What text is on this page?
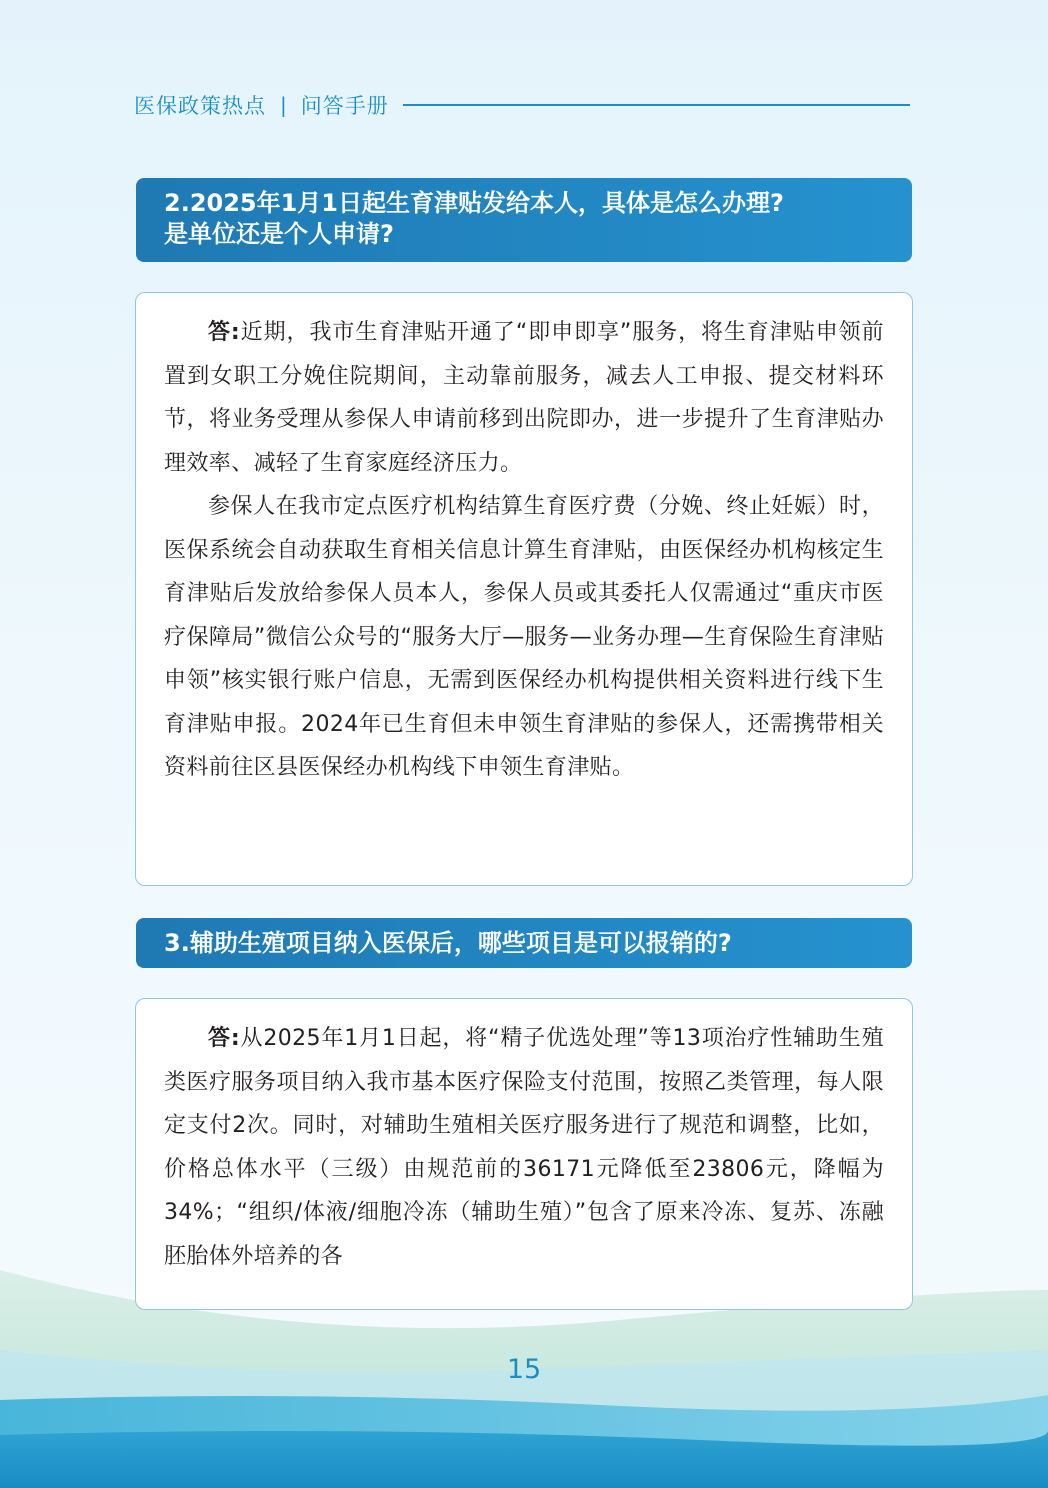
医保政策热点 | 问答手册
2.2025年1月1日起生育津贴发给本人，具体是怎么办理?
是单位还是个人申请?

答:近期，我市生育津贴开通了“即申即享”服务，将生育津贴申领前置到女职工分娩住院期间，主动靠前服务，减去人工申报、提交材料环节，将业务受理从参保人申请前移到出院即办，进一步提升了生育津贴办理效率、减轻了生育家庭经济压力。

参保人在我市定点医疗机构结算生育医疗费（分娩、终止妊娠）时，医保系统会自动获取生育相关信息计算生育津贴，由医保经办机构核定生育津贴后发放给参保人员本人，参保人员或其委托人仅需通过“重庆市医疗保障局”微信公众号的“服务大厅—服务—业务办理—生育保险生育津贴申领”核实银行账户信息，无需到医保经办机构提供相关资料进行线下生育津贴申报。2024年已生育但未申领生育津贴的参保人，还需携带相关资料前往区县医保经办机构线下申领生育津贴。

3.辅助生殖项目纳入医保后，哪些项目是可以报销的?

答:从2025年1月1日起，将“精子优选处理”等13项治疗性辅助生殖类医疗服务项目纳入我市基本医疗保险支付范围，按照乙类管理，每人限定支付2次。同时，对辅助生殖相关医疗服务进行了规范和调整，比如，价格总体水平（三级）由规范前的36171元降低至23806元，降幅为34%；“组织/体液/细胞冷冻（辅助生殖）”包含了原来冷冻、复苏、冻融胚胎体外培养的各

15
